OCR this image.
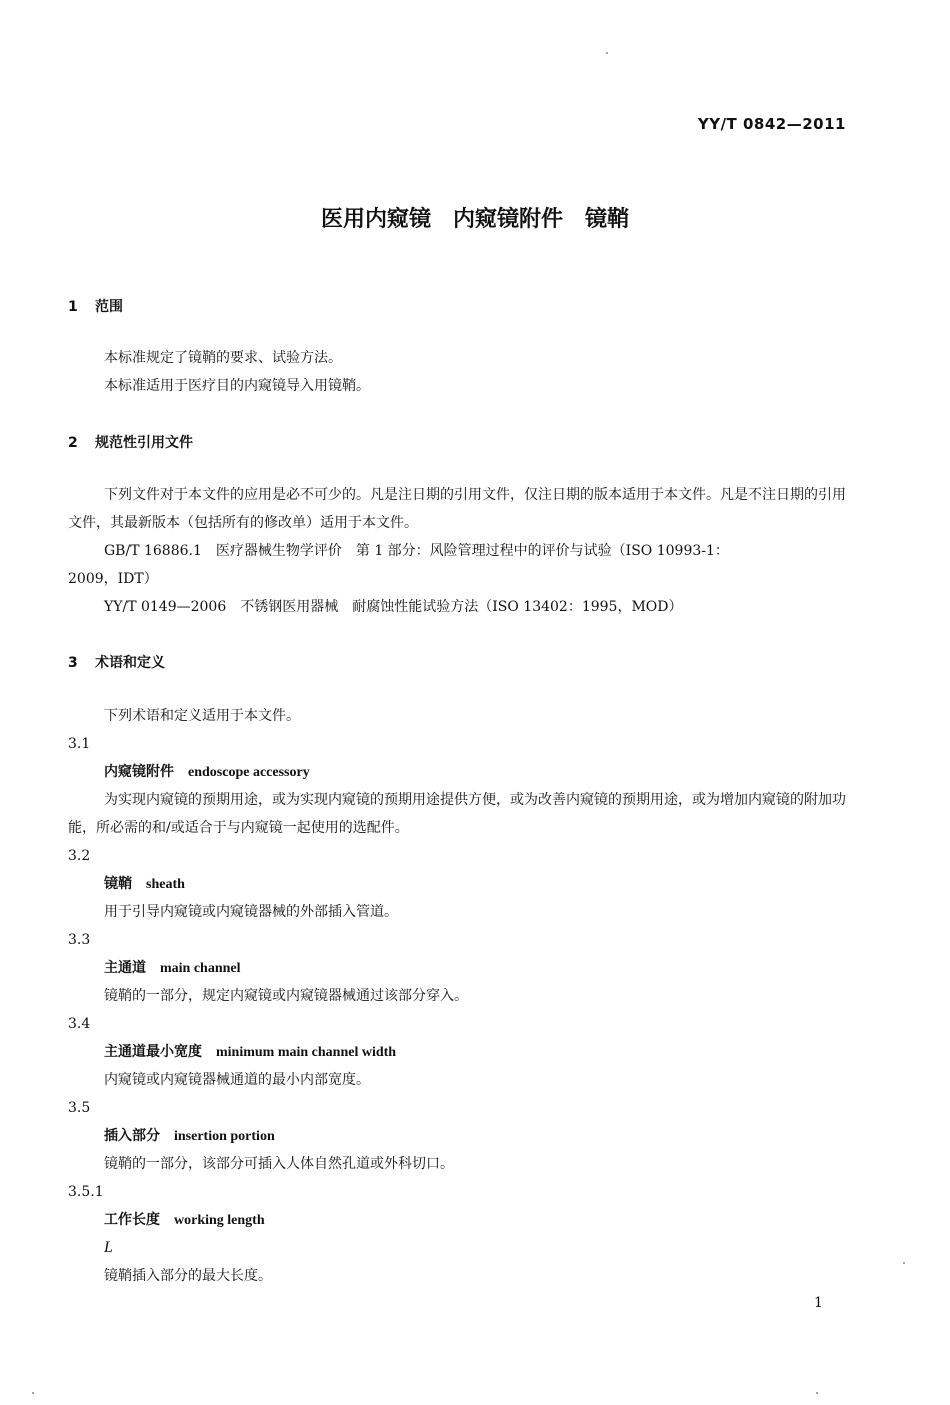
YY/T 0842—2011
医用内窥镜　内窥镜附件　镜鞘
1 范围
本标准规定了镜鞘的要求、试验方法。
本标准适用于医疗目的内窥镜导入用镜鞘。
2 规范性引用文件
下列文件对于本文件的应用是必不可少的。凡是注日期的引用文件，仅注日期的版本适用于本文件。凡是不注日期的引用文件，其最新版本（包括所有的修改单）适用于本文件。
GB/T 16886.1　医疗器械生物学评价　第 1 部分：风险管理过程中的评价与试验（ISO 10993-1：
2009，IDT）
YY/T 0149—2006　不锈钢医用器械　耐腐蚀性能试验方法（ISO 13402：1995，MOD）
3 术语和定义
下列术语和定义适用于本文件。
3.1
内窥镜附件 endoscope accessory
为实现内窥镜的预期用途，或为实现内窥镜的预期用途提供方便，或为改善内窥镜的预期用途，或为增加内窥镜的附加功能，所必需的和/或适合于与内窥镜一起使用的选配件。
3.2
镜鞘 sheath
用于引导内窥镜或内窥镜器械的外部插入管道。
3.3
主通道 main channel
镜鞘的一部分，规定内窥镜或内窥镜器械通过该部分穿入。
3.4
主通道最小宽度 minimum main channel width
内窥镜或内窥镜器械通道的最小内部宽度。
3.5
插入部分 insertion portion
镜鞘的一部分，该部分可插入人体自然孔道或外科切口。
3.5.1
工作长度 working length
L
镜鞘插入部分的最大长度。
1
